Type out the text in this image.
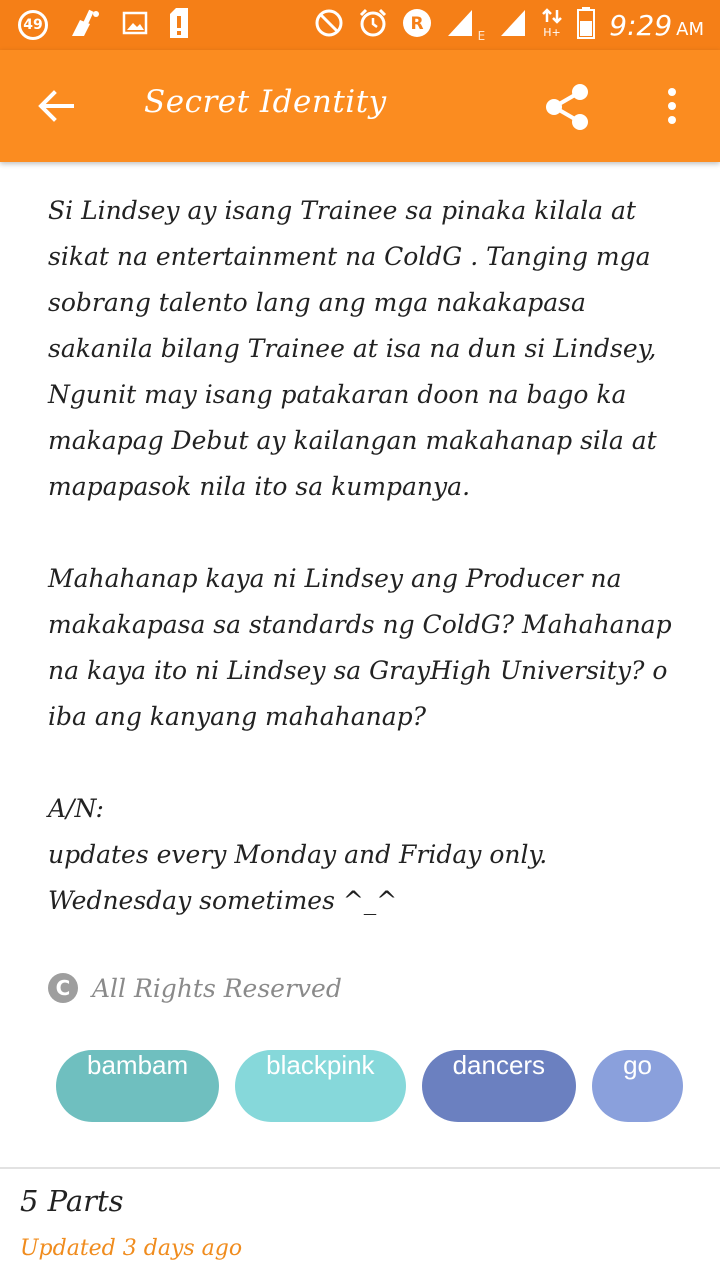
49	R
E	H+ 9:29 AM
Secret Identity
Si Lindsey ay isang Trainee sa pinaka kilala at sikat na entertainment na ColdG . Tanging mga sobrang talento lang ang mga nakakapasa sakanila bilang Trainee at isa na dun si Lindsey, Ngunit may isang patakaran doon na bago ka makapag Debut ay kailangan makahanap sila at mapapasok nila ito sa kumpanya.

Mahahanap kaya ni Lindsey ang Producer na makakapasa sa standards ng ColdG? Mahahanap na kaya ito ni Lindsey sa GrayHigh University? o iba ang kanyang mahahanap?

A/N:
updates every Monday and Friday only.
Wednesday sometimes ^_^
C All Rights Reserved
bambam	blackpink	dancers	go
5 Parts
Updated 3 days ago
